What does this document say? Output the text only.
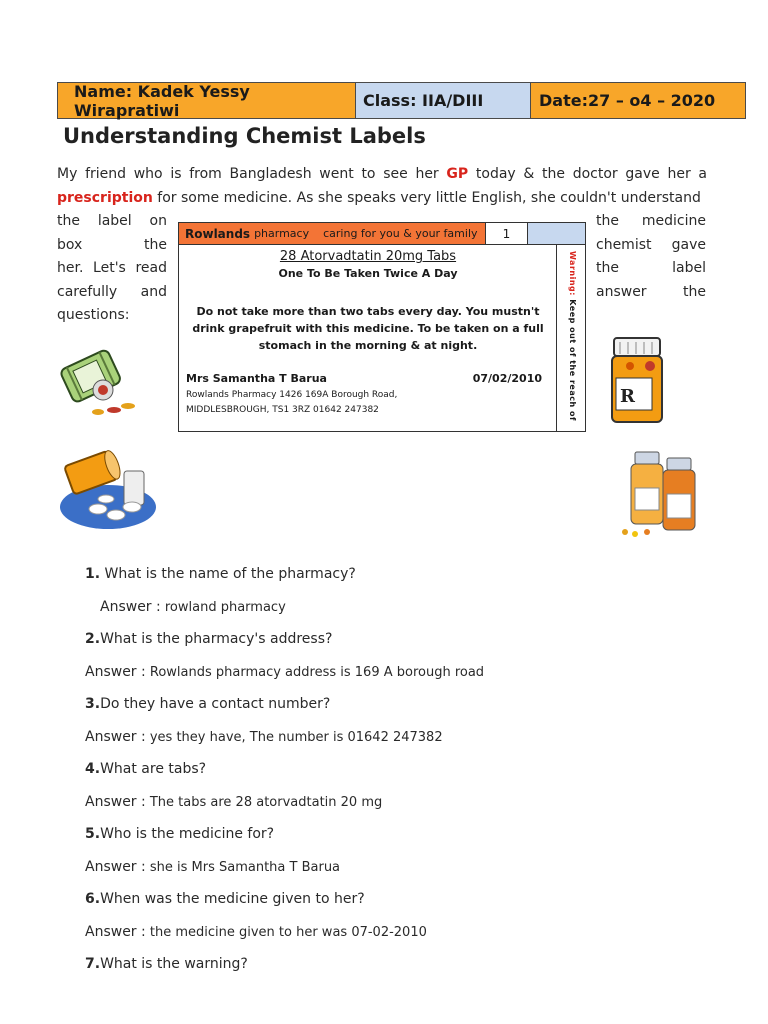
Name: Kadek Yessy Wirapratiwi	Class: IIA/DIII	Date:27 – o4 – 2020
Understanding Chemist Labels
My friend who is from Bangladesh went to see her GP today & the doctor gave her a prescription for some medicine. As she speaks very little English, she couldn't understand
the label on
box	the
her. Let's read
carefully and
questions:
the medicine
chemist gave
the	label
answer	the
Rowlands pharmacy caring for you & your family	1
28 Atorvadtatin 20mg Tabs
One To Be Taken Twice A Day
Do not take more than two tabs every day. You mustn't drink grapefruit with this medicine. To be taken on a full stomach in the morning & at night.
Mrs Samantha T Barua	07/02/2010
Rowlands Pharmacy 1426 169A Borough Road,
MIDDLESBROUGH, TS1 3RZ 01642 247382
Warning: Keep out of the reach of R
1. What is the name of the pharmacy?
Answer : rowland pharmacy
2.What is the pharmacy's address?
Answer : Rowlands pharmacy address is 169 A borough road
3.Do they have a contact number?
Answer : yes they have, The number is 01642 247382
4.What are tabs?
Answer : The tabs are 28 atorvadtatin 20 mg
5.Who is the medicine for?
Answer : she is Mrs Samantha T Barua
6.When was the medicine given to her?
Answer : the medicine given to her was 07-02-2010
7.What is the warning?
